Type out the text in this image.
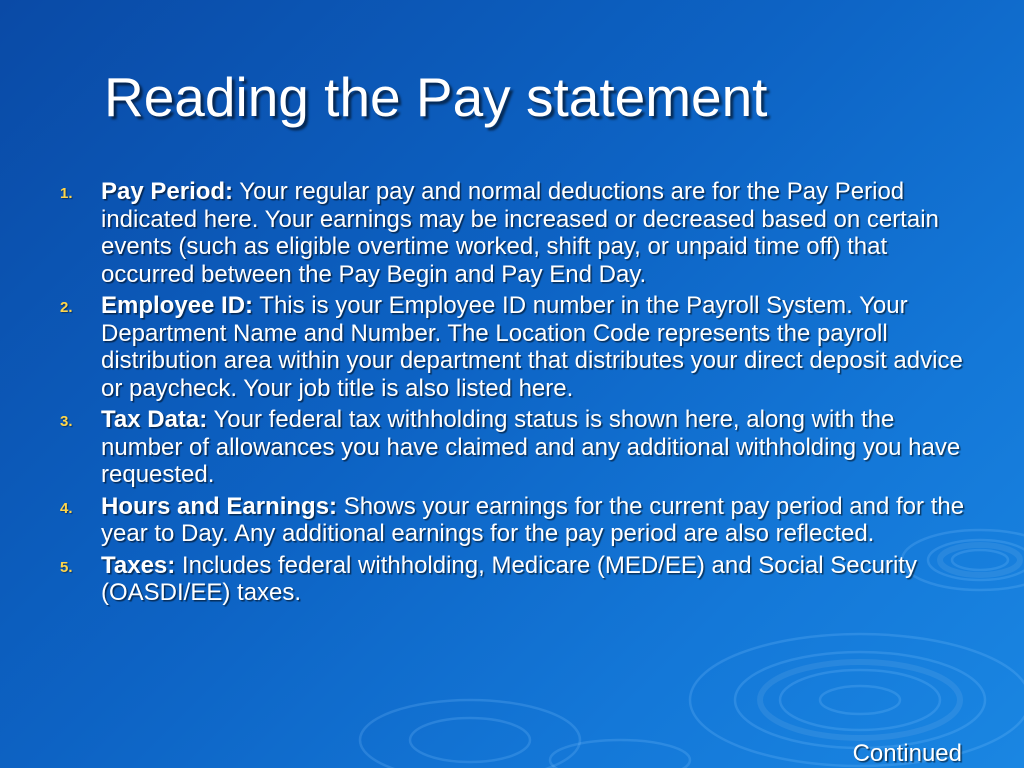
Reading the Pay statement
1. Pay Period: Your regular pay and normal deductions are for the Pay Period indicated here. Your earnings may be increased or decreased based on certain events (such as eligible overtime worked, shift pay, or unpaid time off) that occurred between the Pay Begin and Pay End Day.
2. Employee ID: This is your Employee ID number in the Payroll System. Your Department Name and Number. The Location Code represents the payroll distribution area within your department that distributes your direct deposit advice or paycheck. Your job title is also listed here.
3. Tax Data: Your federal tax withholding status is shown here, along with the number of allowances you have claimed and any additional withholding you have requested.
4. Hours and Earnings: Shows your earnings for the current pay period and for the year to Day. Any additional earnings for the pay period are also reflected.
5. Taxes: Includes federal withholding, Medicare (MED/EE) and Social Security (OASDI/EE) taxes.
Continued
